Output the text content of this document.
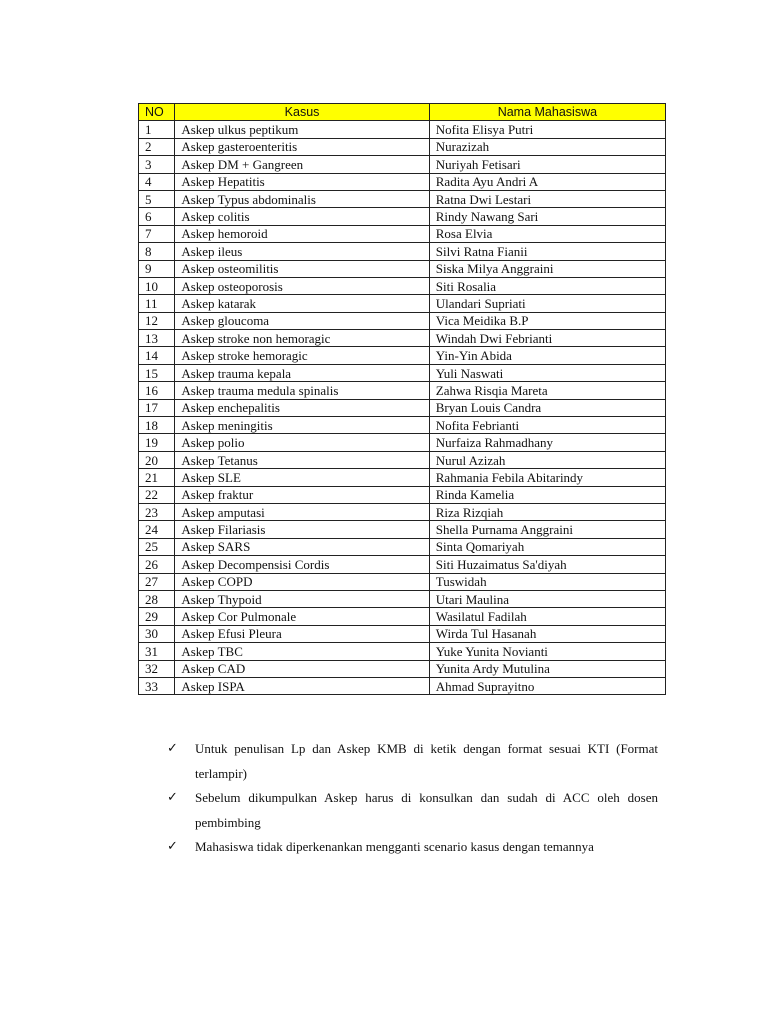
NO	Kasus	Nama Mahasiswa
1	Askep ulkus peptikum	Nofita Elisya Putri
2	Askep gasteroenteritis	Nurazizah
3	Askep DM + Gangreen	Nuriyah Fetisari
4	Askep Hepatitis	Radita Ayu Andri A
5	Askep Typus abdominalis	Ratna Dwi Lestari
6	Askep colitis	Rindy Nawang Sari
7	Askep hemoroid	Rosa Elvia
8	Askep ileus	Silvi Ratna Fianii
9	Askep osteomilitis	Siska Milya Anggraini
10	Askep osteoporosis	Siti Rosalia
11	Askep katarak	Ulandari Supriati
12	Askep gloucoma	Vica Meidika B.P
13	Askep stroke non hemoragic	Windah Dwi Febrianti
14	Askep stroke hemoragic	Yin-Yin Abida
15	Askep trauma kepala	Yuli Naswati
16	Askep trauma medula spinalis	Zahwa Risqia Mareta
17	Askep enchepalitis	Bryan Louis Candra
18	Askep meningitis	Nofita Febrianti
19	Askep polio	Nurfaiza Rahmadhany
20	Askep Tetanus	Nurul Azizah
21	Askep SLE	Rahmania Febila Abitarindy
22	Askep fraktur	Rinda Kamelia
23	Askep amputasi	Riza Rizqiah
24	Askep Filariasis	Shella Purnama Anggraini
25	Askep SARS	Sinta Qomariyah
26	Askep Decompensisi Cordis	Siti Huzaimatus Sa'diyah
27	Askep COPD	Tuswidah
28	Askep Thypoid	Utari Maulina
29	Askep Cor Pulmonale	Wasilatul Fadilah
30	Askep Efusi Pleura	Wirda Tul Hasanah
31	Askep TBC	Yuke Yunita Novianti
32	Askep CAD	Yunita Ardy Mutulina
33	Askep ISPA	Ahmad Suprayitno
✓ Untuk penulisan Lp dan Askep KMB di ketik dengan format sesuai KTI (Format terlampir)
✓ Sebelum dikumpulkan Askep harus di konsulkan dan sudah di ACC oleh dosen pembimbing
✓ Mahasiswa tidak diperkenankan mengganti scenario kasus dengan temannya
